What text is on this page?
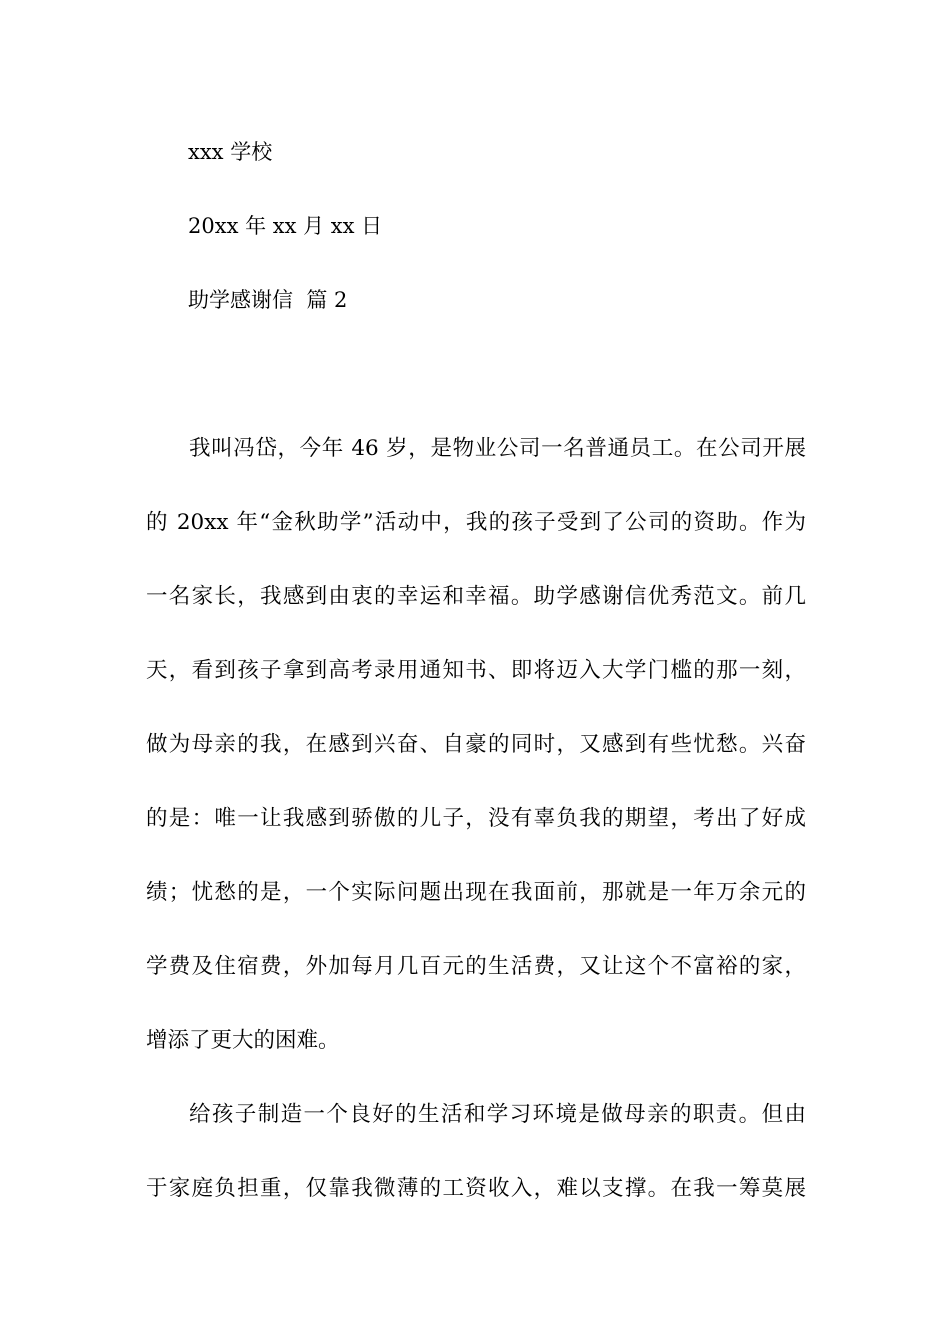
xxx 学校
20xx 年 xx 月 xx 日
助学感谢信  篇 2
我叫冯岱，今年 46 岁，是物业公司一名普通员工。在公司开展
的 20xx 年“金秋助学”活动中，我的孩子受到了公司的资助。作为
一名家长，我感到由衷的幸运和幸福。助学感谢信优秀范文。前几
天，看到孩子拿到高考录用通知书、即将迈入大学门槛的那一刻，
做为母亲的我，在感到兴奋、自豪的同时，又感到有些忧愁。兴奋
的是：唯一让我感到骄傲的儿子，没有辜负我的期望，考出了好成
绩；忧愁的是，一个实际问题出现在我面前，那就是一年万余元的
学费及住宿费，外加每月几百元的生活费，又让这个不富裕的家，
增添了更大的困难。
给孩子制造一个良好的生活和学习环境是做母亲的职责。但由
于家庭负担重，仅靠我微薄的工资收入，难以支撑。在我一筹莫展
